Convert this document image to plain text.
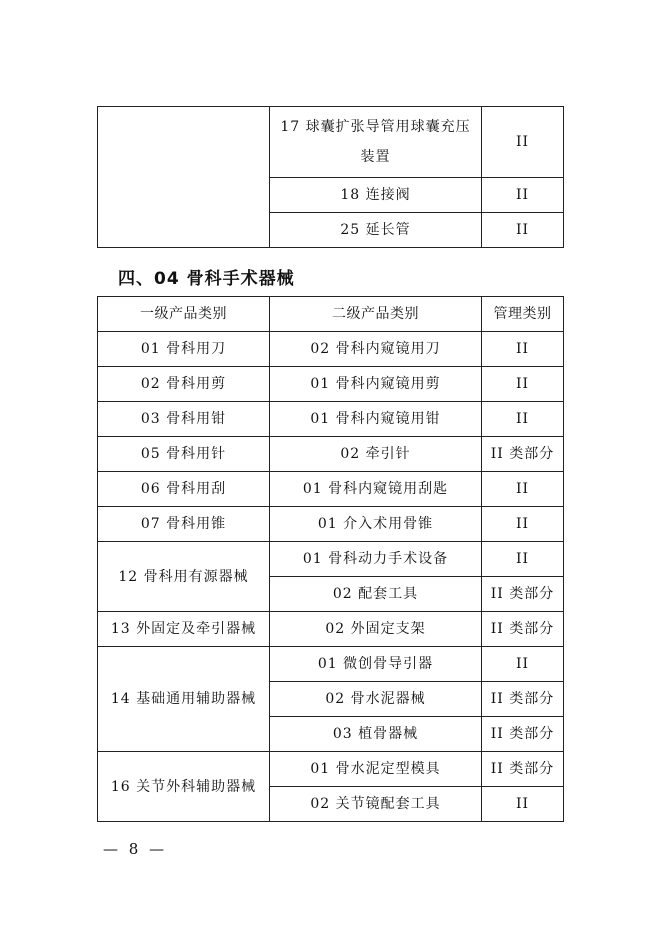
	17 球囊扩张导管用球囊充压装置	II
	18 连接阀	II
	25 延长管	II
四、04 骨科手术器械
一级产品类别	二级产品类别	管理类别
01 骨科用刀	02 骨科内窥镜用刀	II
02 骨科用剪	01 骨科内窥镜用剪	II
03 骨科用钳	01 骨科内窥镜用钳	II
05 骨科用针	02 牵引针	II 类部分
06 骨科用刮	01 骨科内窥镜用刮匙	II
07 骨科用锥	01 介入术用骨锥	II
12 骨科用有源器械	01 骨科动力手术设备	II
	02 配套工具	II 类部分
13 外固定及牵引器械	02 外固定支架	II 类部分
14 基础通用辅助器械	01 微创骨导引器	II
	02 骨水泥器械	II 类部分
	03 植骨器械	II 类部分
16 关节外科辅助器械	01 骨水泥定型模具	II 类部分
	02 关节镜配套工具	II
— 8 —
